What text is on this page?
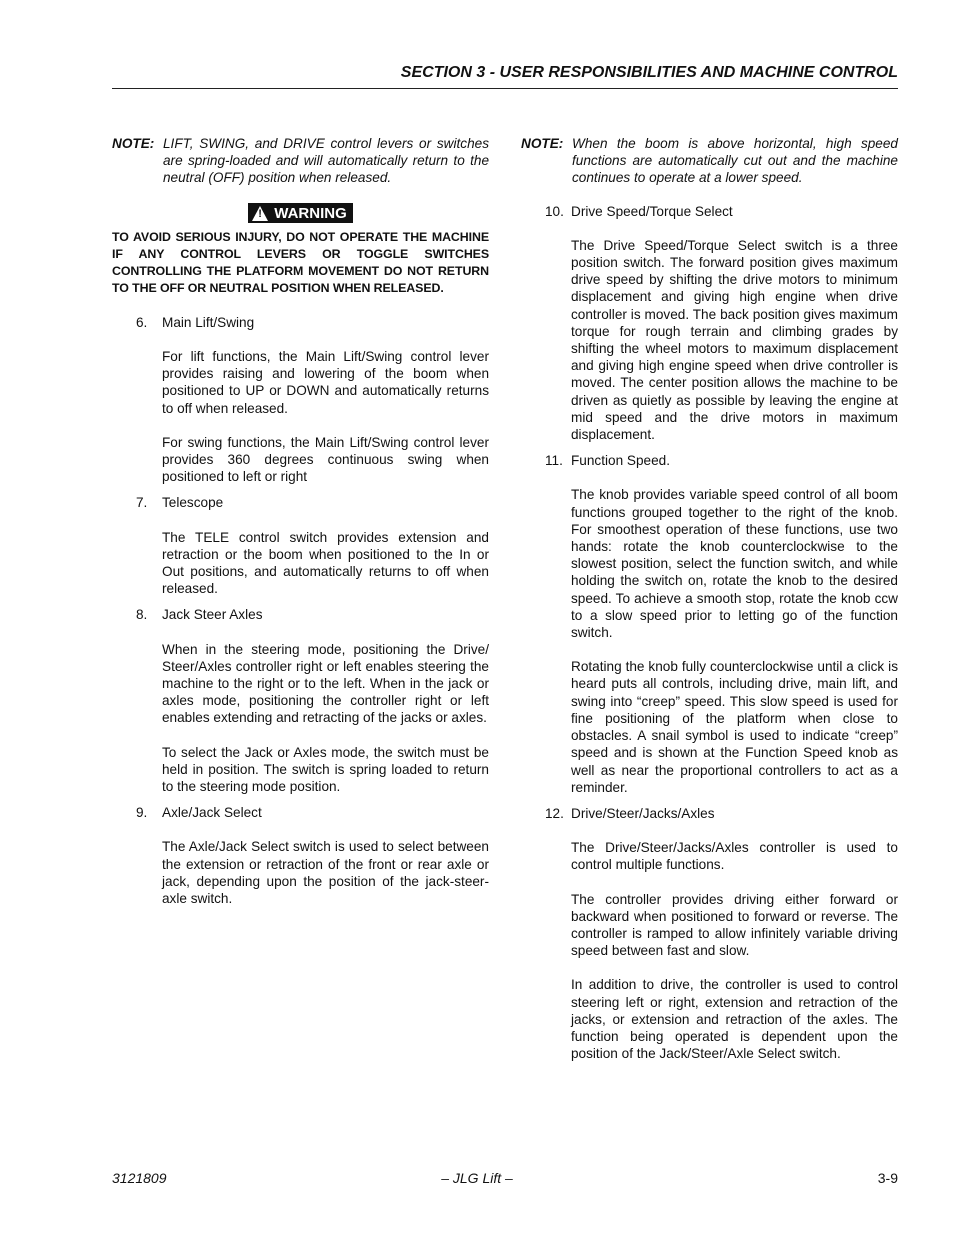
SECTION 3 - USER RESPONSIBILITIES AND MACHINE CONTROL
NOTE: LIFT, SWING, and DRIVE control levers or switches are spring-loaded and will automatically return to the neutral (OFF) position when released.
! WARNING
TO AVOID SERIOUS INJURY, DO NOT OPERATE THE MACHINE IF ANY CONTROL LEVERS OR TOGGLE SWITCHES CONTROLLING THE PLATFORM MOVEMENT DO NOT RETURN TO THE OFF OR NEUTRAL POSITION WHEN RELEASED.
6.	Main Lift/Swing
For lift functions, the Main Lift/Swing control lever provides raising and lowering of the boom when positioned to UP or DOWN and automatically returns to off when released.
For swing functions, the Main Lift/Swing control lever provides 360 degrees continuous swing when positioned to left or right
7.	Telescope
The TELE control switch provides extension and retraction or the boom when positioned to the In or Out positions, and automatically returns to off when released.
8.	Jack Steer Axles
When in the steering mode, positioning the Drive/ Steer/Axles controller right or left enables steering the machine to the right or to the left. When in the jack or axles mode, positioning the controller right or left enables extending and retracting of the jacks or axles.
To select the Jack or Axles mode, the switch must be held in position. The switch is spring loaded to return to the steering mode position.
9.	Axle/Jack Select
The Axle/Jack Select switch is used to select between the extension or retraction of the front or rear axle or jack, depending upon the position of the jack-steer-axle switch.
NOTE: When the boom is above horizontal, high speed functions are automatically cut out and the machine continues to operate at a lower speed.
10. Drive Speed/Torque Select
The Drive Speed/Torque Select switch is a three position switch. The forward position gives maximum drive speed by shifting the drive motors to minimum displacement and giving high engine when drive controller is moved. The back position gives maximum torque for rough terrain and climbing grades by shifting the wheel motors to maximum displacement and giving high engine speed when drive controller is moved. The center position allows the machine to be driven as quietly as possible by leaving the engine at mid speed and the drive motors in maximum displacement.
11. Function Speed.
The knob provides variable speed control of all boom functions grouped together to the right of the knob. For smoothest operation of these functions, use two hands: rotate the knob counterclockwise to the slowest position, select the function switch, and while holding the switch on, rotate the knob to the desired speed. To achieve a smooth stop, rotate the knob ccw to a slow speed prior to letting go of the function switch.
Rotating the knob fully counterclockwise until a click is heard puts all controls, including drive, main lift, and swing into “creep” speed. This slow speed is used for fine positioning of the platform when close to obstacles. A snail symbol is used to indicate “creep” speed and is shown at the Function Speed knob as well as near the proportional controllers to act as a reminder.
12. Drive/Steer/Jacks/Axles
The Drive/Steer/Jacks/Axles controller is used to control multiple functions.
The controller provides driving either forward or backward when positioned to forward or reverse. The controller is ramped to allow infinitely variable driving speed between fast and slow.
In addition to drive, the controller is used to control steering left or right, extension and retraction of the jacks, or extension and retraction of the axles. The function being operated is dependent upon the position of the Jack/Steer/Axle Select switch.
3121809	– JLG Lift –	3-9
